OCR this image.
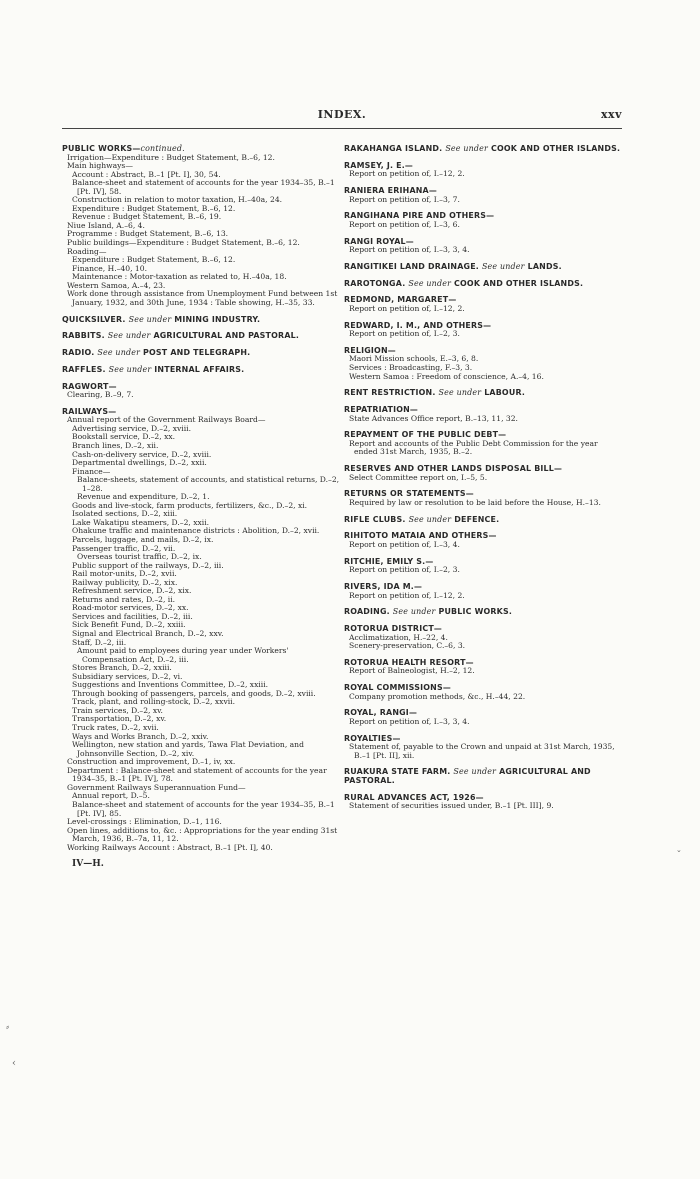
INDEX.	xxv
PUBLIC WORKS—continued.
Irrigation—Expenditure : Budget Statement, B.–6, 12.
Main highways—
Account : Abstract, B.–1 [Pt. I], 30, 54.
Balance-sheet and statement of accounts for the year 1934–35, B.–1 [Pt. IV], 58.
Construction in relation to motor taxation, H.–40a, 24.
Expenditure : Budget Statement, B.–6, 12.
Revenue : Budget Statement, B.–6, 19.
Niue Island, A.–6, 4.
Programme : Budget Statement, B.–6, 13.
Public buildings—Expenditure : Budget Statement, B.–6, 12.
Roading—
Expenditure : Budget Statement, B.–6, 12.
Finance, H.–40, 10.
Maintenance : Motor-taxation as related to, H.–40a, 18.
Western Samoa, A.–4, 23.
Work done through assistance from Unemployment Fund between 1st January, 1932, and 30th June, 1934 : Table showing, H.–35, 33.
QUICKSILVER. See under MINING INDUSTRY.
RABBITS. See under AGRICULTURAL AND PASTORAL.
RADIO. See under POST AND TELEGRAPH.
RAFFLES. See under INTERNAL AFFAIRS.
RAGWORT—
Clearing, B.–9, 7.
RAILWAYS—
Annual report of the Government Railways Board—
Advertising service, D.–2, xviii.
Bookstall service, D.–2, xx.
Branch lines, D.–2, xii.
Cash-on-delivery service, D.–2, xviii.
Departmental dwellings, D.–2, xxii.
Finance—
Balance-sheets, statement of accounts, and statistical returns, D.–2, 1–28.
Revenue and expenditure, D.–2, 1.
Goods and live-stock, farm products, fertilizers, &c., D.–2, xi.
Isolated sections, D.–2, xiii.
Lake Wakatipu steamers, D.–2, xxii.
Ohakune traffic and maintenance districts : Abolition, D.–2, xvii.
Parcels, luggage, and mails, D.–2, ix.
Passenger traffic, D.–2, vii.
Overseas tourist traffic, D.–2, ix.
Public support of the railways, D.–2, iii.
Rail motor-units, D.–2, xvii.
Railway publicity, D.–2, xix.
Refreshment service, D.–2, xix.
Returns and rates, D.–2, ii.
Road-motor services, D.–2, xx.
Services and facilities, D.–2, iii.
Sick Benefit Fund, D.–2, xxiii.
Signal and Electrical Branch, D.–2, xxv.
Staff, D.–2, iii.
Amount paid to employees during year under Workers' Compensation Act, D.–2, iii.
Stores Branch, D.–2, xxiii.
Subsidiary services, D.–2, vi.
Suggestions and Inventions Committee, D.–2, xxiii.
Through booking of passengers, parcels, and goods, D.–2, xviii.
Track, plant, and rolling-stock, D.–2, xxvii.
Train services, D.–2, xv.
Transportation, D.–2, xv.
Truck rates, D.–2, xvii.
Ways and Works Branch, D.–2, xxiv.
Wellington, new station and yards, Tawa Flat Deviation, and Johnsonville Section, D.–2, xiv.
Construction and improvement, D.–1, iv, xx.
Department : Balance-sheet and statement of accounts for the year 1934–35, B.–1 [Pt. IV], 78.
Government Railways Superannuation Fund—
Annual report, D.–5.
Balance-sheet and statement of accounts for the year 1934–35, B.–1 [Pt. IV], 85.
Level-crossings : Elimination, D.–1, 116.
Open lines, additions to, &c. : Appropriations for the year ending 31st March, 1936, B.–7a, 11, 12.
Working Railways Account : Abstract, B.–1 [Pt. I], 40.
IV—H.
RAKAHANGA ISLAND. See under COOK AND OTHER ISLANDS.
RAMSEY, J. E.—
Report on petition of, I.–12, 2.
RANIERA ERIHANA—
Report on petition of, I.–3, 7.
RANGIHANA PIRE AND OTHERS—
Report on petition of, I.–3, 6.
RANGI ROYAL—
Report on petition of, I.–3, 3, 4.
RANGITIKEI LAND DRAINAGE. See under LANDS.
RAROTONGA. See under COOK AND OTHER ISLANDS.
REDMOND, MARGARET—
Report on petition of, I.–12, 2.
REDWARD, I. M., AND OTHERS—
Report on petition of, I.–2, 3.
RELIGION—
Maori Mission schools, E.–3, 6, 8.
Services : Broadcasting, F.–3, 3.
Western Samoa : Freedom of conscience, A.–4, 16.
RENT RESTRICTION. See under LABOUR.
REPATRIATION—
State Advances Office report, B.–13, 11, 32.
REPAYMENT OF THE PUBLIC DEBT—
Report and accounts of the Public Debt Commission for the year ended 31st March, 1935, B.–2.
RESERVES AND OTHER LANDS DISPOSAL BILL—
Select Committee report on, I.–5, 5.
RETURNS OR STATEMENTS—
Required by law or resolution to be laid before the House, H.–13.
RIFLE CLUBS. See under DEFENCE.
RIHITOTO MATAIA AND OTHERS—
Report on petition of, I.–3, 4.
RITCHIE, EMILY S.—
Report on petition of, I.–2, 3.
RIVERS, IDA M.—
Report on petition of, I.–12, 2.
ROADING. See under PUBLIC WORKS.
ROTORUA DISTRICT—
Acclimatization, H.–22, 4.
Scenery-preservation, C.–6, 3.
ROTORUA HEALTH RESORT—
Report of Balneologist, H.–2, 12.
ROYAL COMMISSIONS—
Company promotion methods, &c., H.–44, 22.
ROYAL, RANGI—
Report on petition of, I.–3, 3, 4.
ROYALTIES—
Statement of, payable to the Crown and unpaid at 31st March, 1935, B.–1 [Pt. II], xii.
RUAKURA STATE FARM. See under AGRICULTURAL AND PASTORAL.
RURAL ADVANCES ACT, 1926—
Statement of securities issued under, B.–1 [Pt. III], 9.
⸗
‹
⌄
